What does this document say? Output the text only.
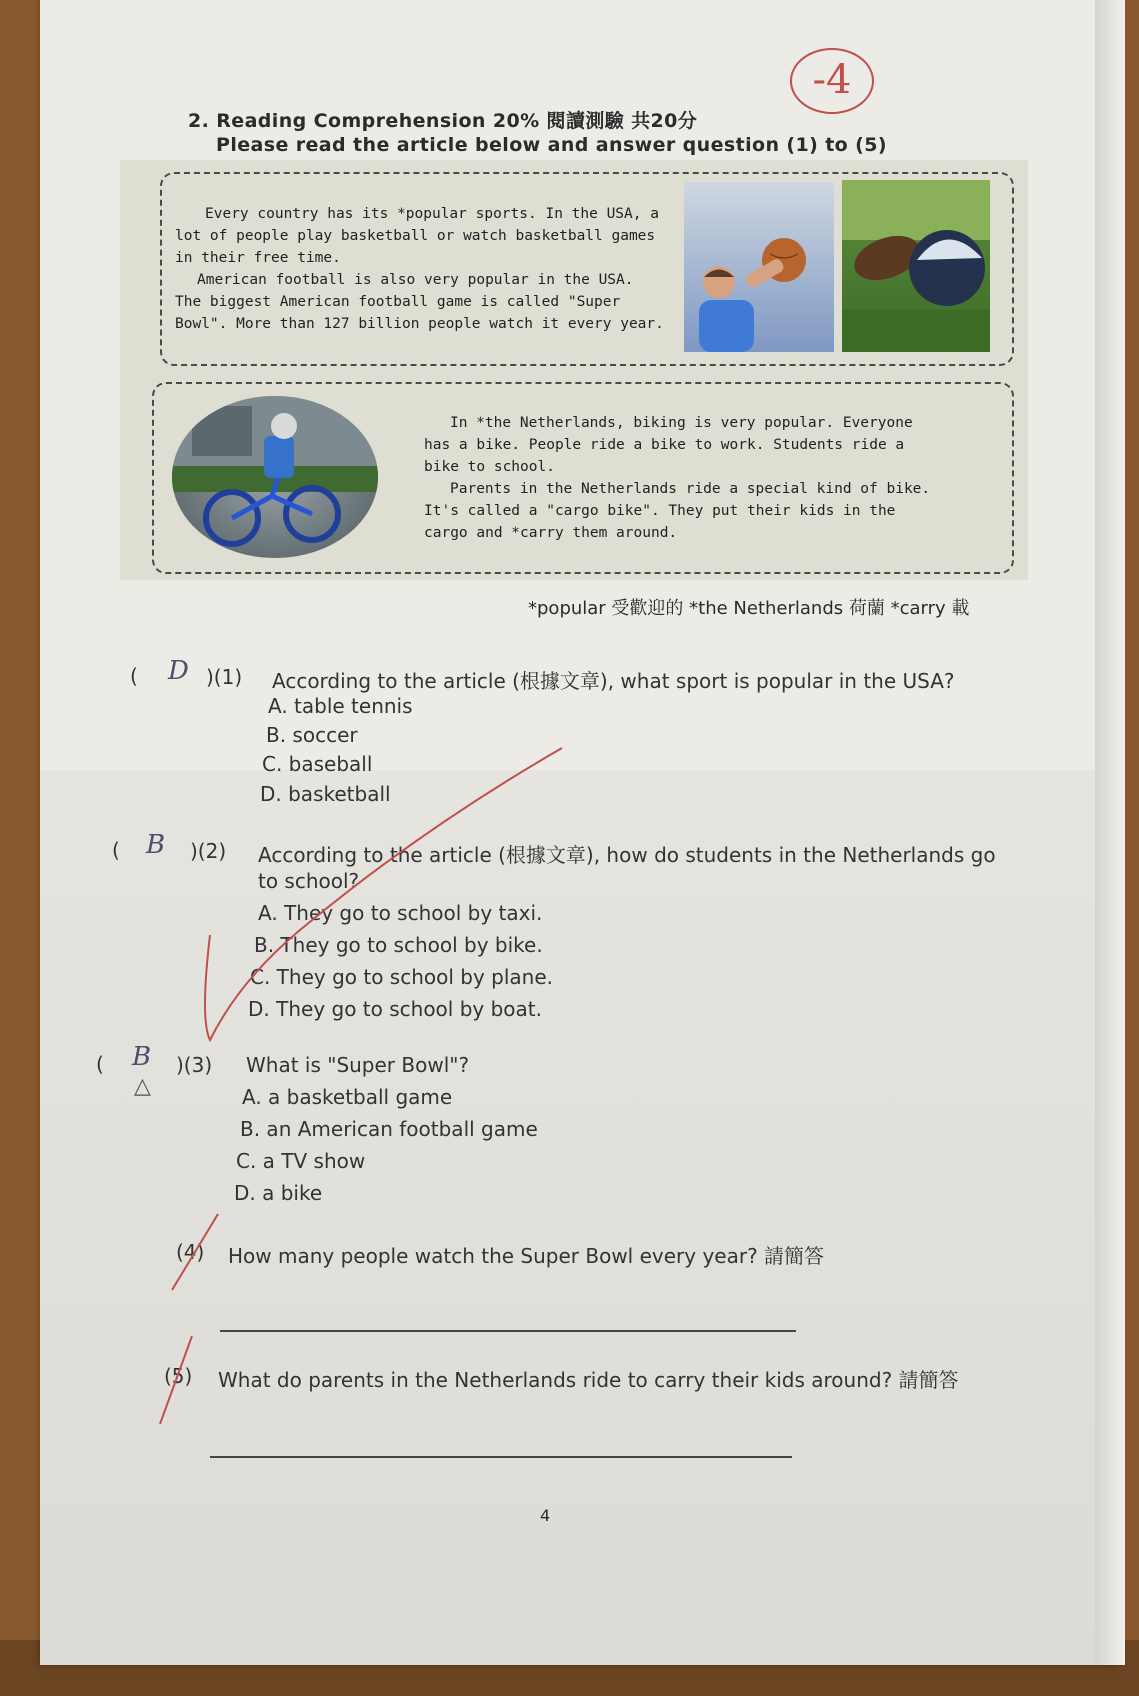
2. Reading Comprehension 20% 閱讀測驗 共20分
Please read the article below and answer question (1) to (5)
-4
Every country has its *popular sports. In the USA, a
lot of people play basketball or watch basketball games
in their free time.
American football is also very popular in the USA.
The biggest American football game is called "Super
Bowl". More than 127 billion people watch it every year.
In *the Netherlands, biking is very popular. Everyone
has a bike. People ride a bike to work. Students ride a
bike to school.
Parents in the Netherlands ride a special kind of bike.
It's called a "cargo bike". They put their kids in the
cargo and *carry them around.
*popular 受歡迎的 *the Netherlands 荷蘭 *carry 載
( D )(1) According to the article (根據文章), what sport is popular in the USA?
A. table tennis
B. soccer
C. baseball
D. basketball
( B )(2) According to the article (根據文章), how do students in the Netherlands go
to school?
A. They go to school by taxi.
B. They go to school by bike.
C. They go to school by plane.
D. They go to school by boat.
( B
△
)(3) What is "Super Bowl"?
A. a basketball game
B. an American football game
C. a TV show
D. a bike
(4) How many people watch the Super Bowl every year? 請簡答
(5) What do parents in the Netherlands ride to carry their kids around? 請簡答
4
